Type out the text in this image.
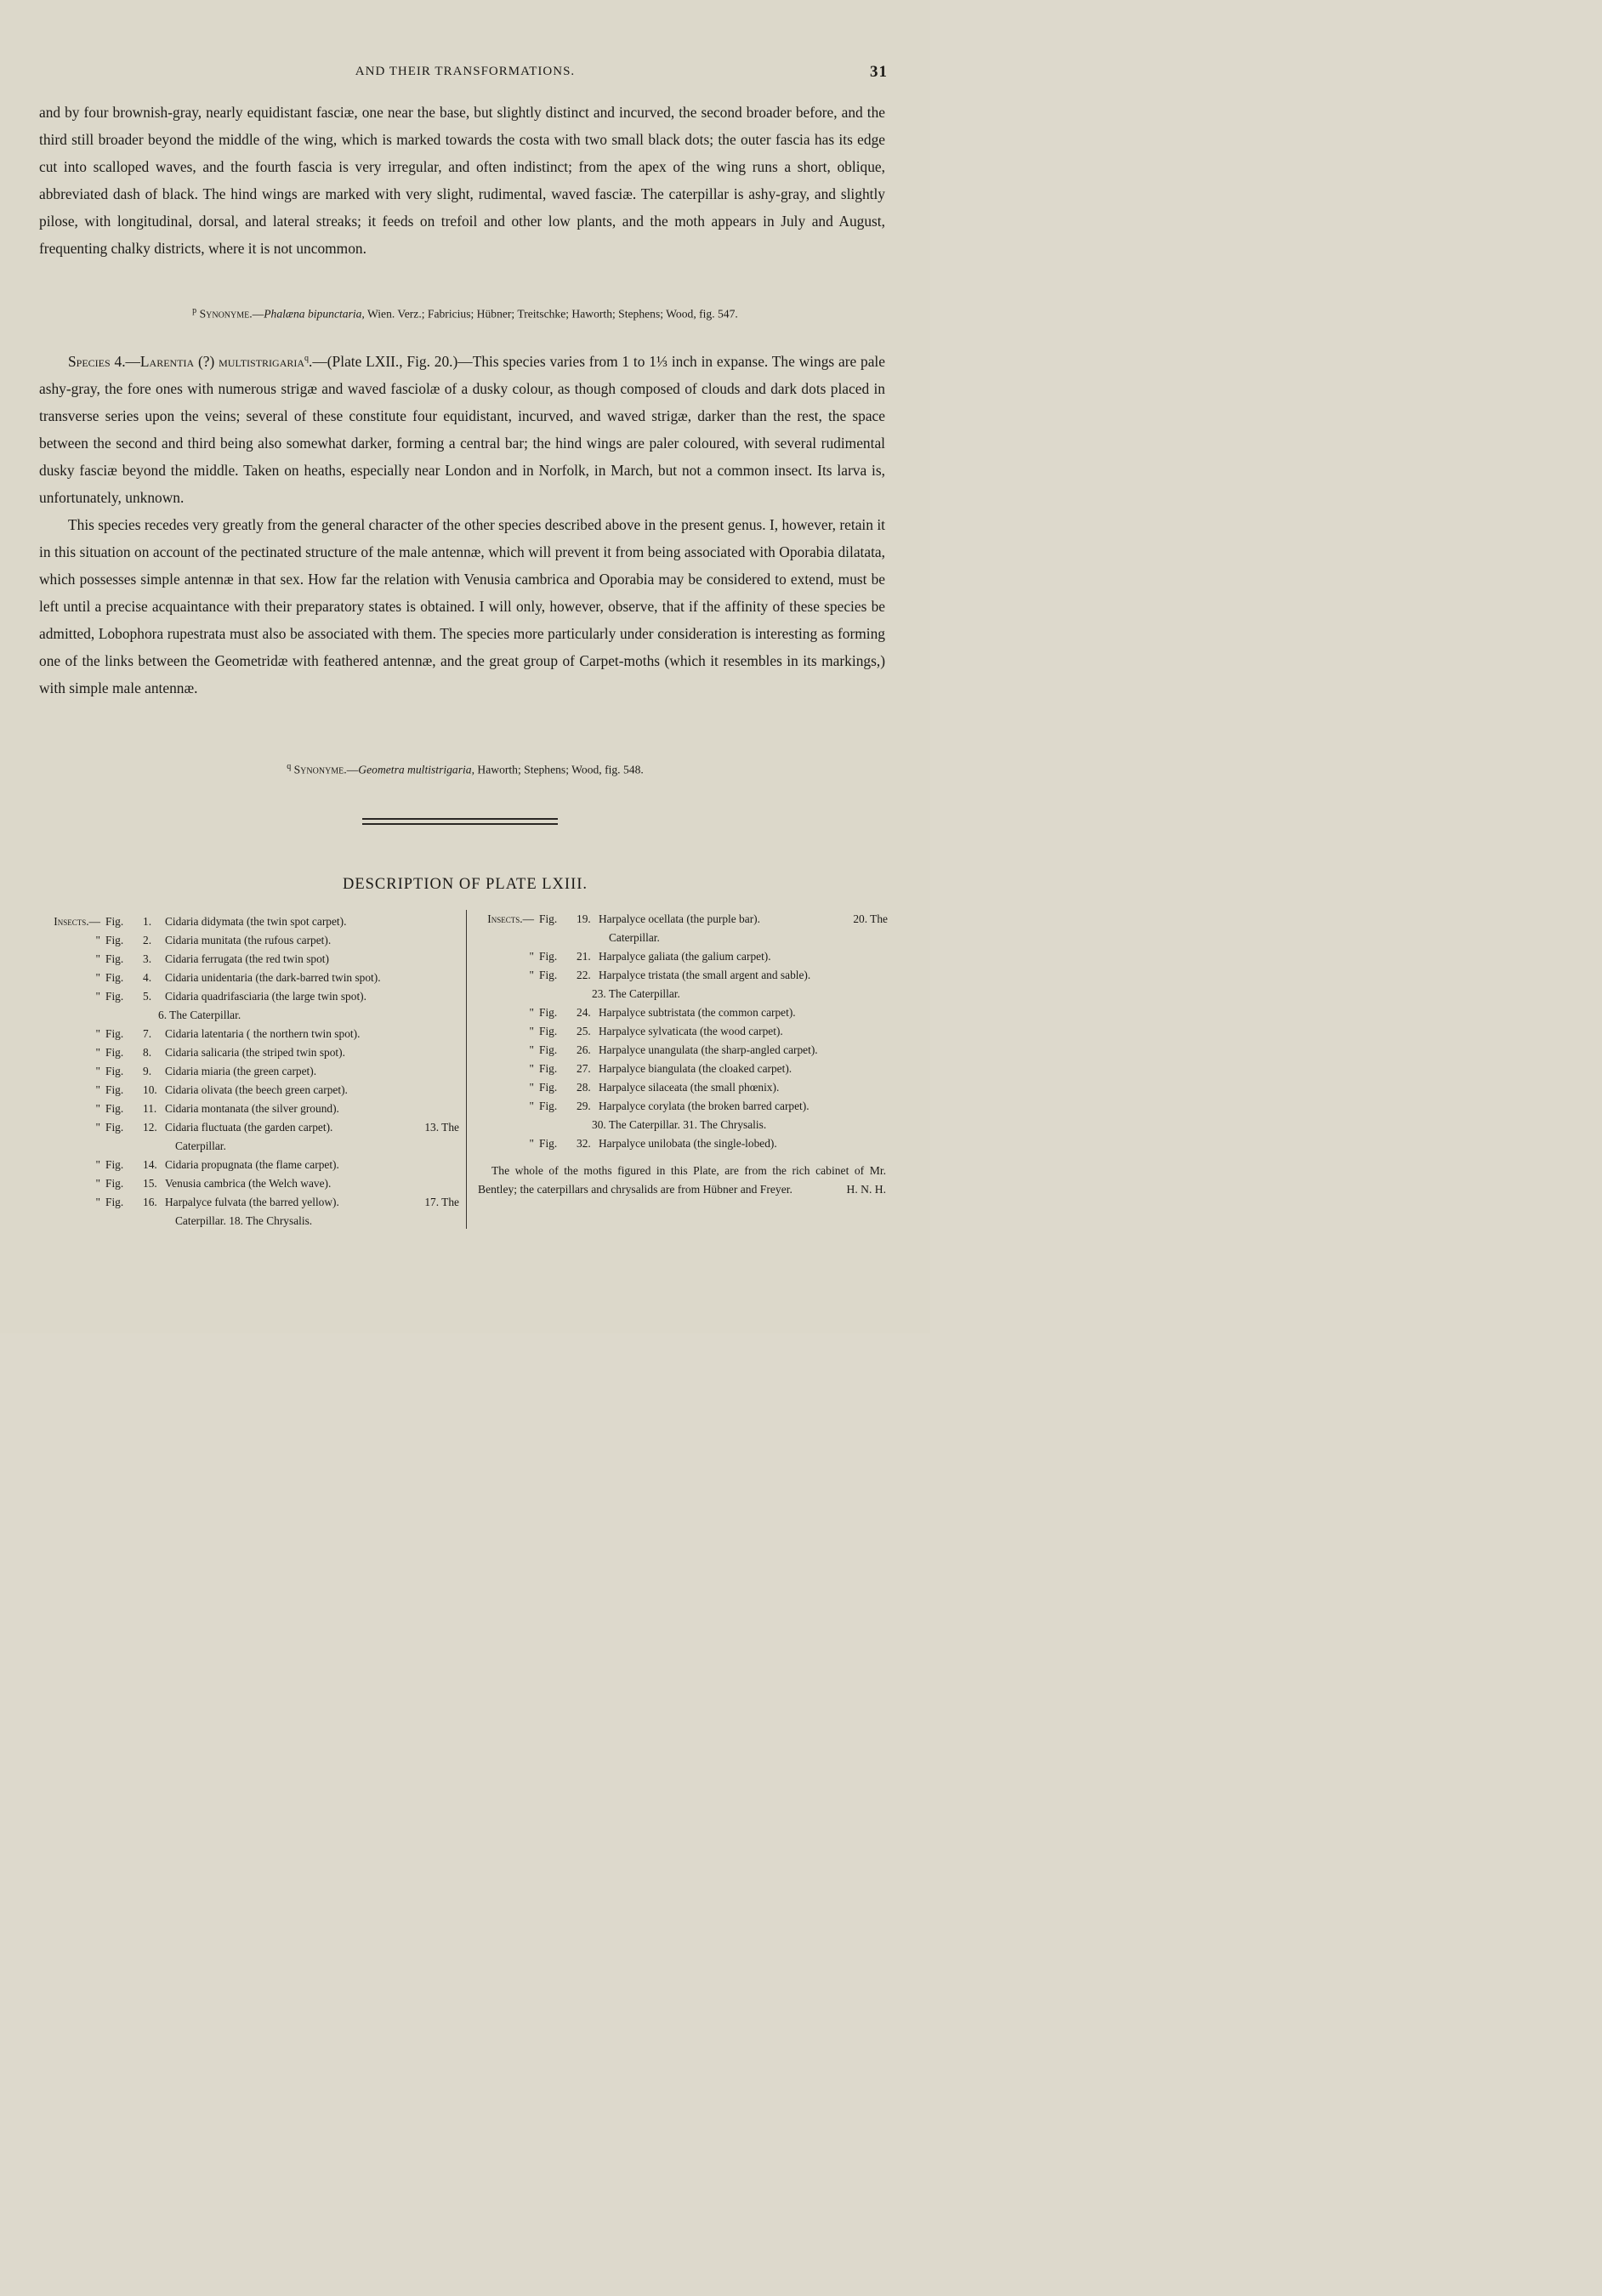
AND THEIR TRANSFORMATIONS.	31

and by four brownish-gray, nearly equidistant fasciæ, one near the base, but slightly distinct and incurved, the second broader before, and the third still broader beyond the middle of the wing, which is marked towards the costa with two small black dots; the outer fascia has its edge cut into scalloped waves, and the fourth fascia is very irregular, and often indistinct; from the apex of the wing runs a short, oblique, abbreviated dash of black. The hind wings are marked with very slight, rudimental, waved fasciæ. The caterpillar is ashy-gray, and slightly pilose, with longitudinal, dorsal, and lateral streaks; it feeds on trefoil and other low plants, and the moth appears in July and August, frequenting chalky districts, where it is not uncommon.

$^p$ Synonyme.—Phalæna bipunctaria, Wien. Verz.; Fabricius; Hübner; Treitschke; Haworth; Stephens; Wood, fig. 547.

Species 4.—Larentia (?) multistrigaria$^q$.—(Plate LXII., Fig. 20.)—This species varies from 1 to 1⅓ inch in expanse. The wings are pale ashy-gray, the fore ones with numerous strigæ and waved fasciolæ of a dusky colour, as though composed of clouds and dark dots placed in transverse series upon the veins; several of these constitute four equidistant, incurved, and waved strigæ, darker than the rest, the space between the second and third being also somewhat darker, forming a central bar; the hind wings are paler coloured, with several rudimental dusky fasciæ beyond the middle. Taken on heaths, especially near London and in Norfolk, in March, but not a common insect. Its larva is, unfortunately, unknown.

This species recedes very greatly from the general character of the other species described above in the present genus. I, however, retain it in this situation on account of the pectinated structure of the male antennæ, which will prevent it from being associated with Oporabia dilatata, which possesses simple antennæ in that sex. How far the relation with Venusia cambrica and Oporabia may be considered to extend, must be left until a precise acquaintance with their preparatory states is obtained. I will only, however, observe, that if the affinity of these species be admitted, Lobophora rupestrata must also be associated with them. The species more particularly under consideration is interesting as forming one of the links between the Geometridæ with feathered antennæ, and the great group of Carpet-moths (which it resembles in its markings,) with simple male antennæ.

$^q$ Synonyme.—Geometra multistrigaria, Haworth; Stephens; Wood, fig. 548.
DESCRIPTION OF PLATE LXIII.
Insects.— Fig.	1.	Cidaria didymata (the twin spot carpet).
" Fig.	2.	Cidaria munitata (the rufous carpet).
" Fig.	3.	Cidaria ferrugata (the red twin spot)
" Fig.	4.	Cidaria unidentaria (the dark-barred twin spot).
" Fig.	5.	Cidaria quadrifasciaria (the large twin spot).
6. The Caterpillar.
" Fig.	7.	Cidaria latentaria ( the northern twin spot).
" Fig.	8.	Cidaria salicaria (the striped twin spot).
" Fig.	9.	Cidaria miaria (the green carpet).
" Fig.	10. Cidaria olivata (the beech green carpet).
" Fig.	11. Cidaria montanata (the silver ground).
" Fig.	12. Cidaria fluctuata (the garden carpet).	13. The
Caterpillar.
" Fig.	14. Cidaria propugnata (the flame carpet).
" Fig.	15. Venusia cambrica (the Welch wave).
" Fig.	16. Harpalyce fulvata (the barred yellow).	17. The
Caterpillar. 18. The Chrysalis.
Insects.— Fig.	19. Harpalyce ocellata (the purple bar).	20. The
Caterpillar.
" Fig.	21. Harpalyce galiata (the galium carpet).
" Fig.	22. Harpalyce tristata (the small argent and sable).
23. The Caterpillar.
" Fig.	24. Harpalyce subtristata (the common carpet).
" Fig.	25. Harpalyce sylvaticata (the wood carpet).
" Fig.	26. Harpalyce unangulata (the sharp-angled carpet).
" Fig.	27. Harpalyce biangulata (the cloaked carpet).
" Fig.	28. Harpalyce silaceata (the small phœnix).
" Fig.	29. Harpalyce corylata (the broken barred carpet).
30. The Caterpillar. 31. The Chrysalis.
" Fig.	32. Harpalyce unilobata (the single-lobed).
The whole of the moths figured in this Plate, are from the rich cabinet of Mr. Bentley; the caterpillars and chrysalids are from Hübner and Freyer.	H. N. H.
